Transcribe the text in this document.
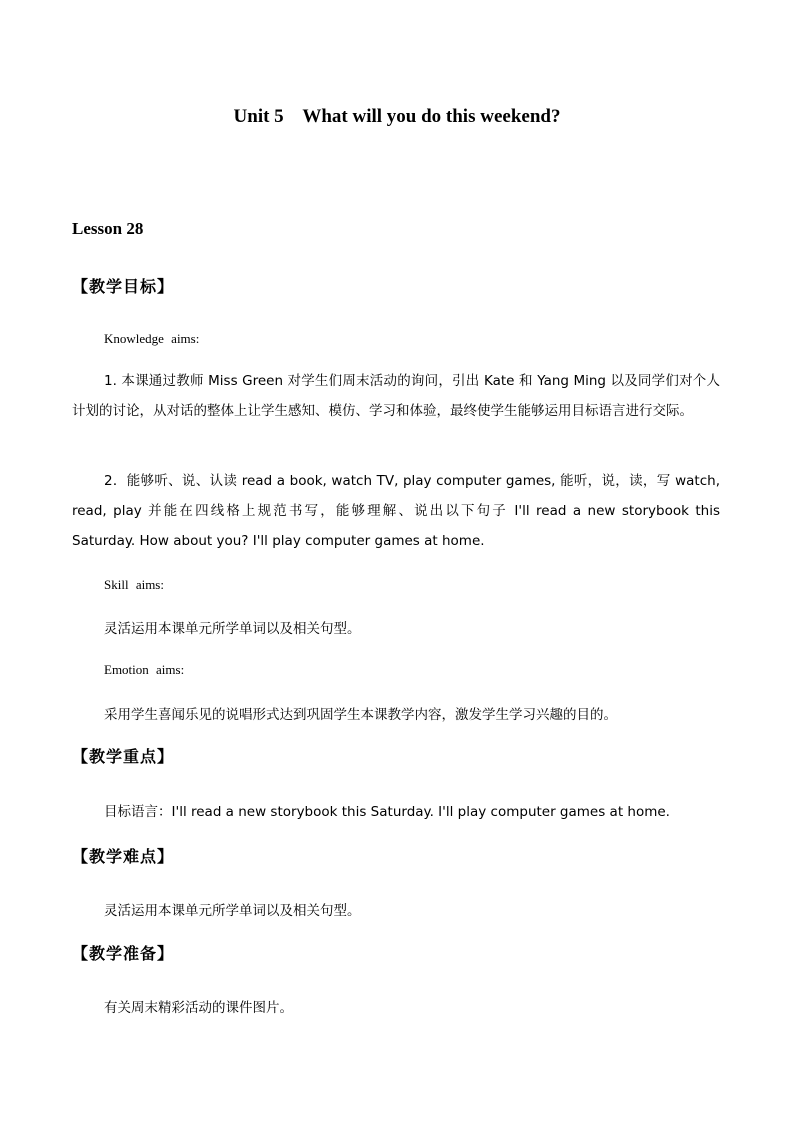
Unit 5    What will you do this weekend?
Lesson 28
【教学目标】
Knowledge aims:
1. 本课通过教师 Miss Green 对学生们周末活动的询问，引出 Kate 和 Yang Ming 以及同学们对个人计划的讨论，从对话的整体上让学生感知、模仿、学习和体验，最终使学生能够运用目标语言进行交际。
2．能够听、说、认读 read a book, watch TV, play computer games, 能听，说，读，写 watch, read, play 并能在四线格上规范书写，能够理解、说出以下句子 I'll read a new storybook this Saturday. How about you? I'll play computer games at home.
Skill aims:
灵活运用本课单元所学单词以及相关句型。
Emotion aims:
采用学生喜闻乐见的说唱形式达到巩固学生本课教学内容，激发学生学习兴趣的目的。
【教学重点】
目标语言：I'll read a new storybook this Saturday. I'll play computer games at home.
【教学难点】
灵活运用本课单元所学单词以及相关句型。
【教学准备】
有关周末精彩活动的课件图片。
